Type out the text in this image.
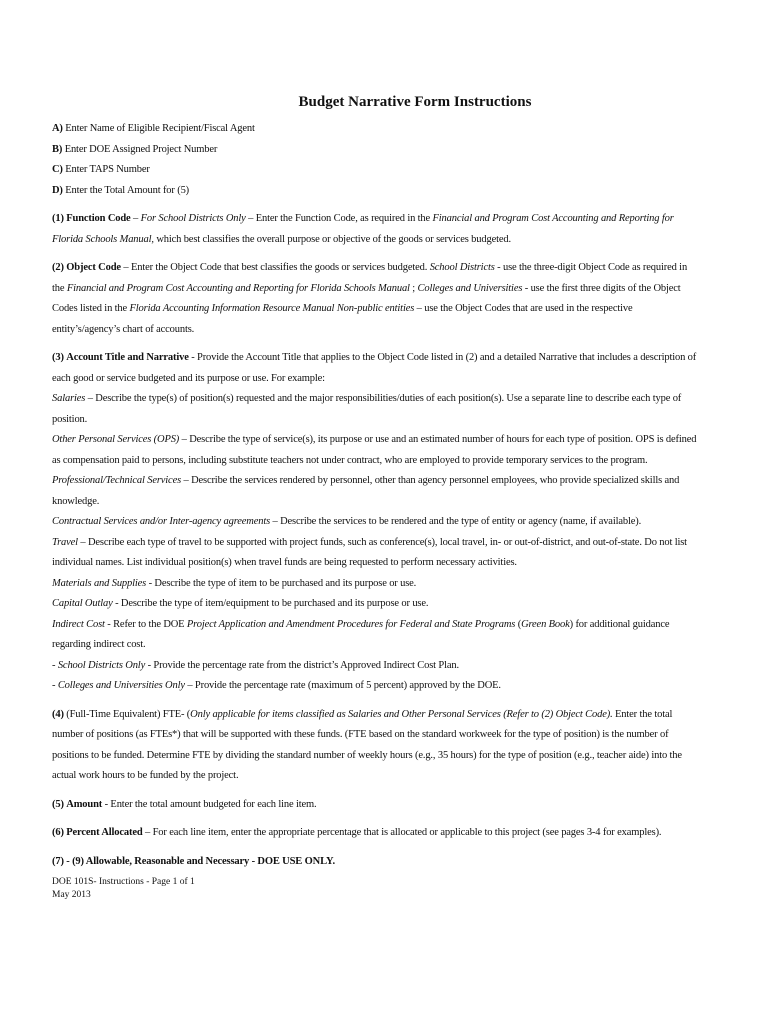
Budget Narrative Form Instructions
A) Enter Name of Eligible Recipient/Fiscal Agent
B) Enter DOE Assigned Project Number
C) Enter TAPS Number
D) Enter the Total Amount for (5)
(1) Function Code – For School Districts Only – Enter the Function Code, as required in the Financial and Program Cost Accounting and Reporting for
Florida Schools Manual, which best classifies the overall purpose or objective of the goods or services budgeted.
(2) Object Code – Enter the Object Code that best classifies the goods or services budgeted. School Districts - use the three-digit Object Code as required in
the Financial and Program Cost Accounting and Reporting for Florida Schools Manual ; Colleges and Universities - use the first three digits of the Object
Codes listed in the Florida Accounting Information Resource Manual Non-public entities – use the Object Codes that are used in the respective
entity’s/agency’s chart of accounts.
(3) Account Title and Narrative - Provide the Account Title that applies to the Object Code listed in (2) and a detailed Narrative that includes a description of
each good or service budgeted and its purpose or use. For example:
Salaries – Describe the type(s) of position(s) requested and the major responsibilities/duties of each position(s). Use a separate line to describe each type of
position.
Other Personal Services (OPS) – Describe the type of service(s), its purpose or use and an estimated number of hours for each type of position. OPS is defined
as compensation paid to persons, including substitute teachers not under contract, who are employed to provide temporary services to the program.
Professional/Technical Services – Describe the services rendered by personnel, other than agency personnel employees, who provide specialized skills and
knowledge.
Contractual Services and/or Inter-agency agreements – Describe the services to be rendered and the type of entity or agency (name, if available).
Travel – Describe each type of travel to be supported with project funds, such as conference(s), local travel, in- or out-of-district, and out-of-state. Do not list
individual names. List individual position(s) when travel funds are being requested to perform necessary activities.
Materials and Supplies - Describe the type of item to be purchased and its purpose or use.
Capital Outlay - Describe the type of item/equipment to be purchased and its purpose or use.
Indirect Cost - Refer to the DOE Project Application and Amendment Procedures for Federal and State Programs (Green Book) for additional guidance
regarding indirect cost.
- School Districts Only - Provide the percentage rate from the district’s Approved Indirect Cost Plan.
- Colleges and Universities Only – Provide the percentage rate (maximum of 5 percent) approved by the DOE.
(4) (Full-Time Equivalent) FTE- (Only applicable for items classified as Salaries and Other Personal Services (Refer to (2) Object Code). Enter the total
number of positions (as FTEs*) that will be supported with these funds. (FTE based on the standard workweek for the type of position) is the number of
positions to be funded. Determine FTE by dividing the standard number of weekly hours (e.g., 35 hours) for the type of position (e.g., teacher aide) into the
actual work hours to be funded by the project.
(5) Amount - Enter the total amount budgeted for each line item.
(6) Percent Allocated – For each line item, enter the appropriate percentage that is allocated or applicable to this project (see pages 3-4 for examples).
(7) - (9) Allowable, Reasonable and Necessary - DOE USE ONLY.
DOE 101S- Instructions - Page 1 of 1
May 2013
